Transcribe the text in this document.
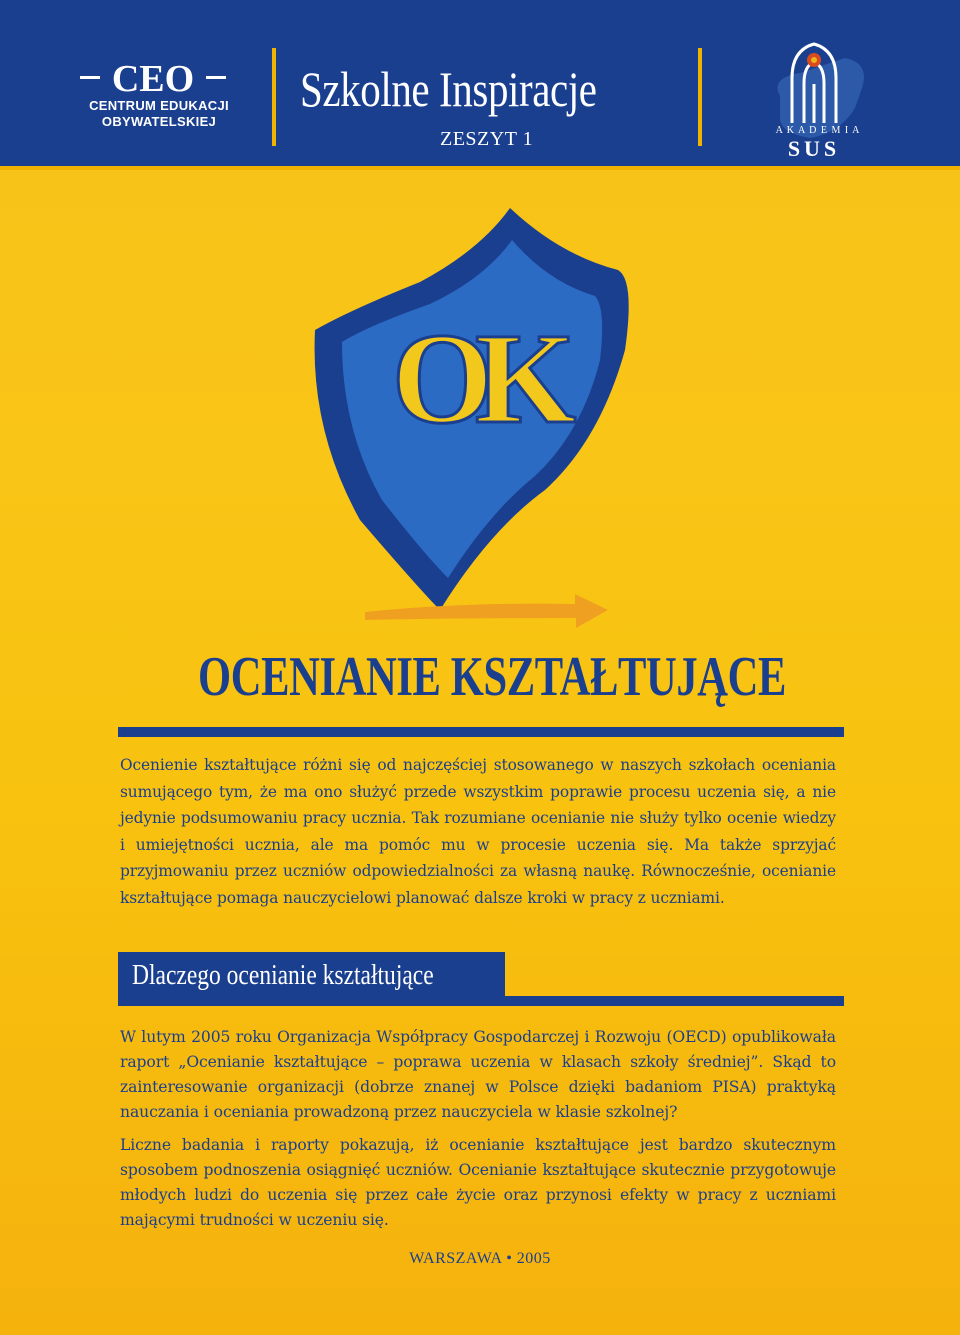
CEO
CENTRUM EDUKACJI
OBYWATELSKIEJ
Szkolne Inspiracje
ZESZYT 1	A K A D E M I A
SUS
OK
OCENIANIE KSZTAŁTUJĄCE

Ocenienie kształtujące różni się od najczęściej stosowanego w naszych szkołach oceniania sumującego tym, że ma ono służyć przede wszystkim poprawie procesu uczenia się, a nie jedynie podsumowaniu pracy ucznia. Tak rozumiane ocenianie nie służy tylko ocenie wiedzy i umiejętności ucznia, ale ma pomóc mu w procesie uczenia się. Ma także sprzyjać przyjmowaniu przez uczniów odpowiedzialności za własną naukę. Równocześnie, ocenianie kształtujące pomaga nauczycielowi planować dalsze kroki w pracy z uczniami.

Dlaczego ocenianie kształtujące

W lutym 2005 roku Organizacja Współpracy Gospodarczej i Rozwoju (OECD) opublikowała raport „Ocenianie kształtujące – poprawa uczenia w klasach szkoły średniej”. Skąd to zainteresowanie organizacji (dobrze znanej w Polsce dzięki badaniom PISA) praktyką nauczania i oceniania prowadzoną przez nauczyciela w klasie szkolnej?

Liczne badania i raporty pokazują, iż ocenianie kształtujące jest bardzo skutecznym sposobem podnoszenia osiągnięć uczniów. Ocenianie kształtujące skutecznie przygotowuje młodych ludzi do uczenia się przez całe życie oraz przynosi efekty w pracy z uczniami mającymi trudności w uczeniu się.

WARSZAWA • 2005
